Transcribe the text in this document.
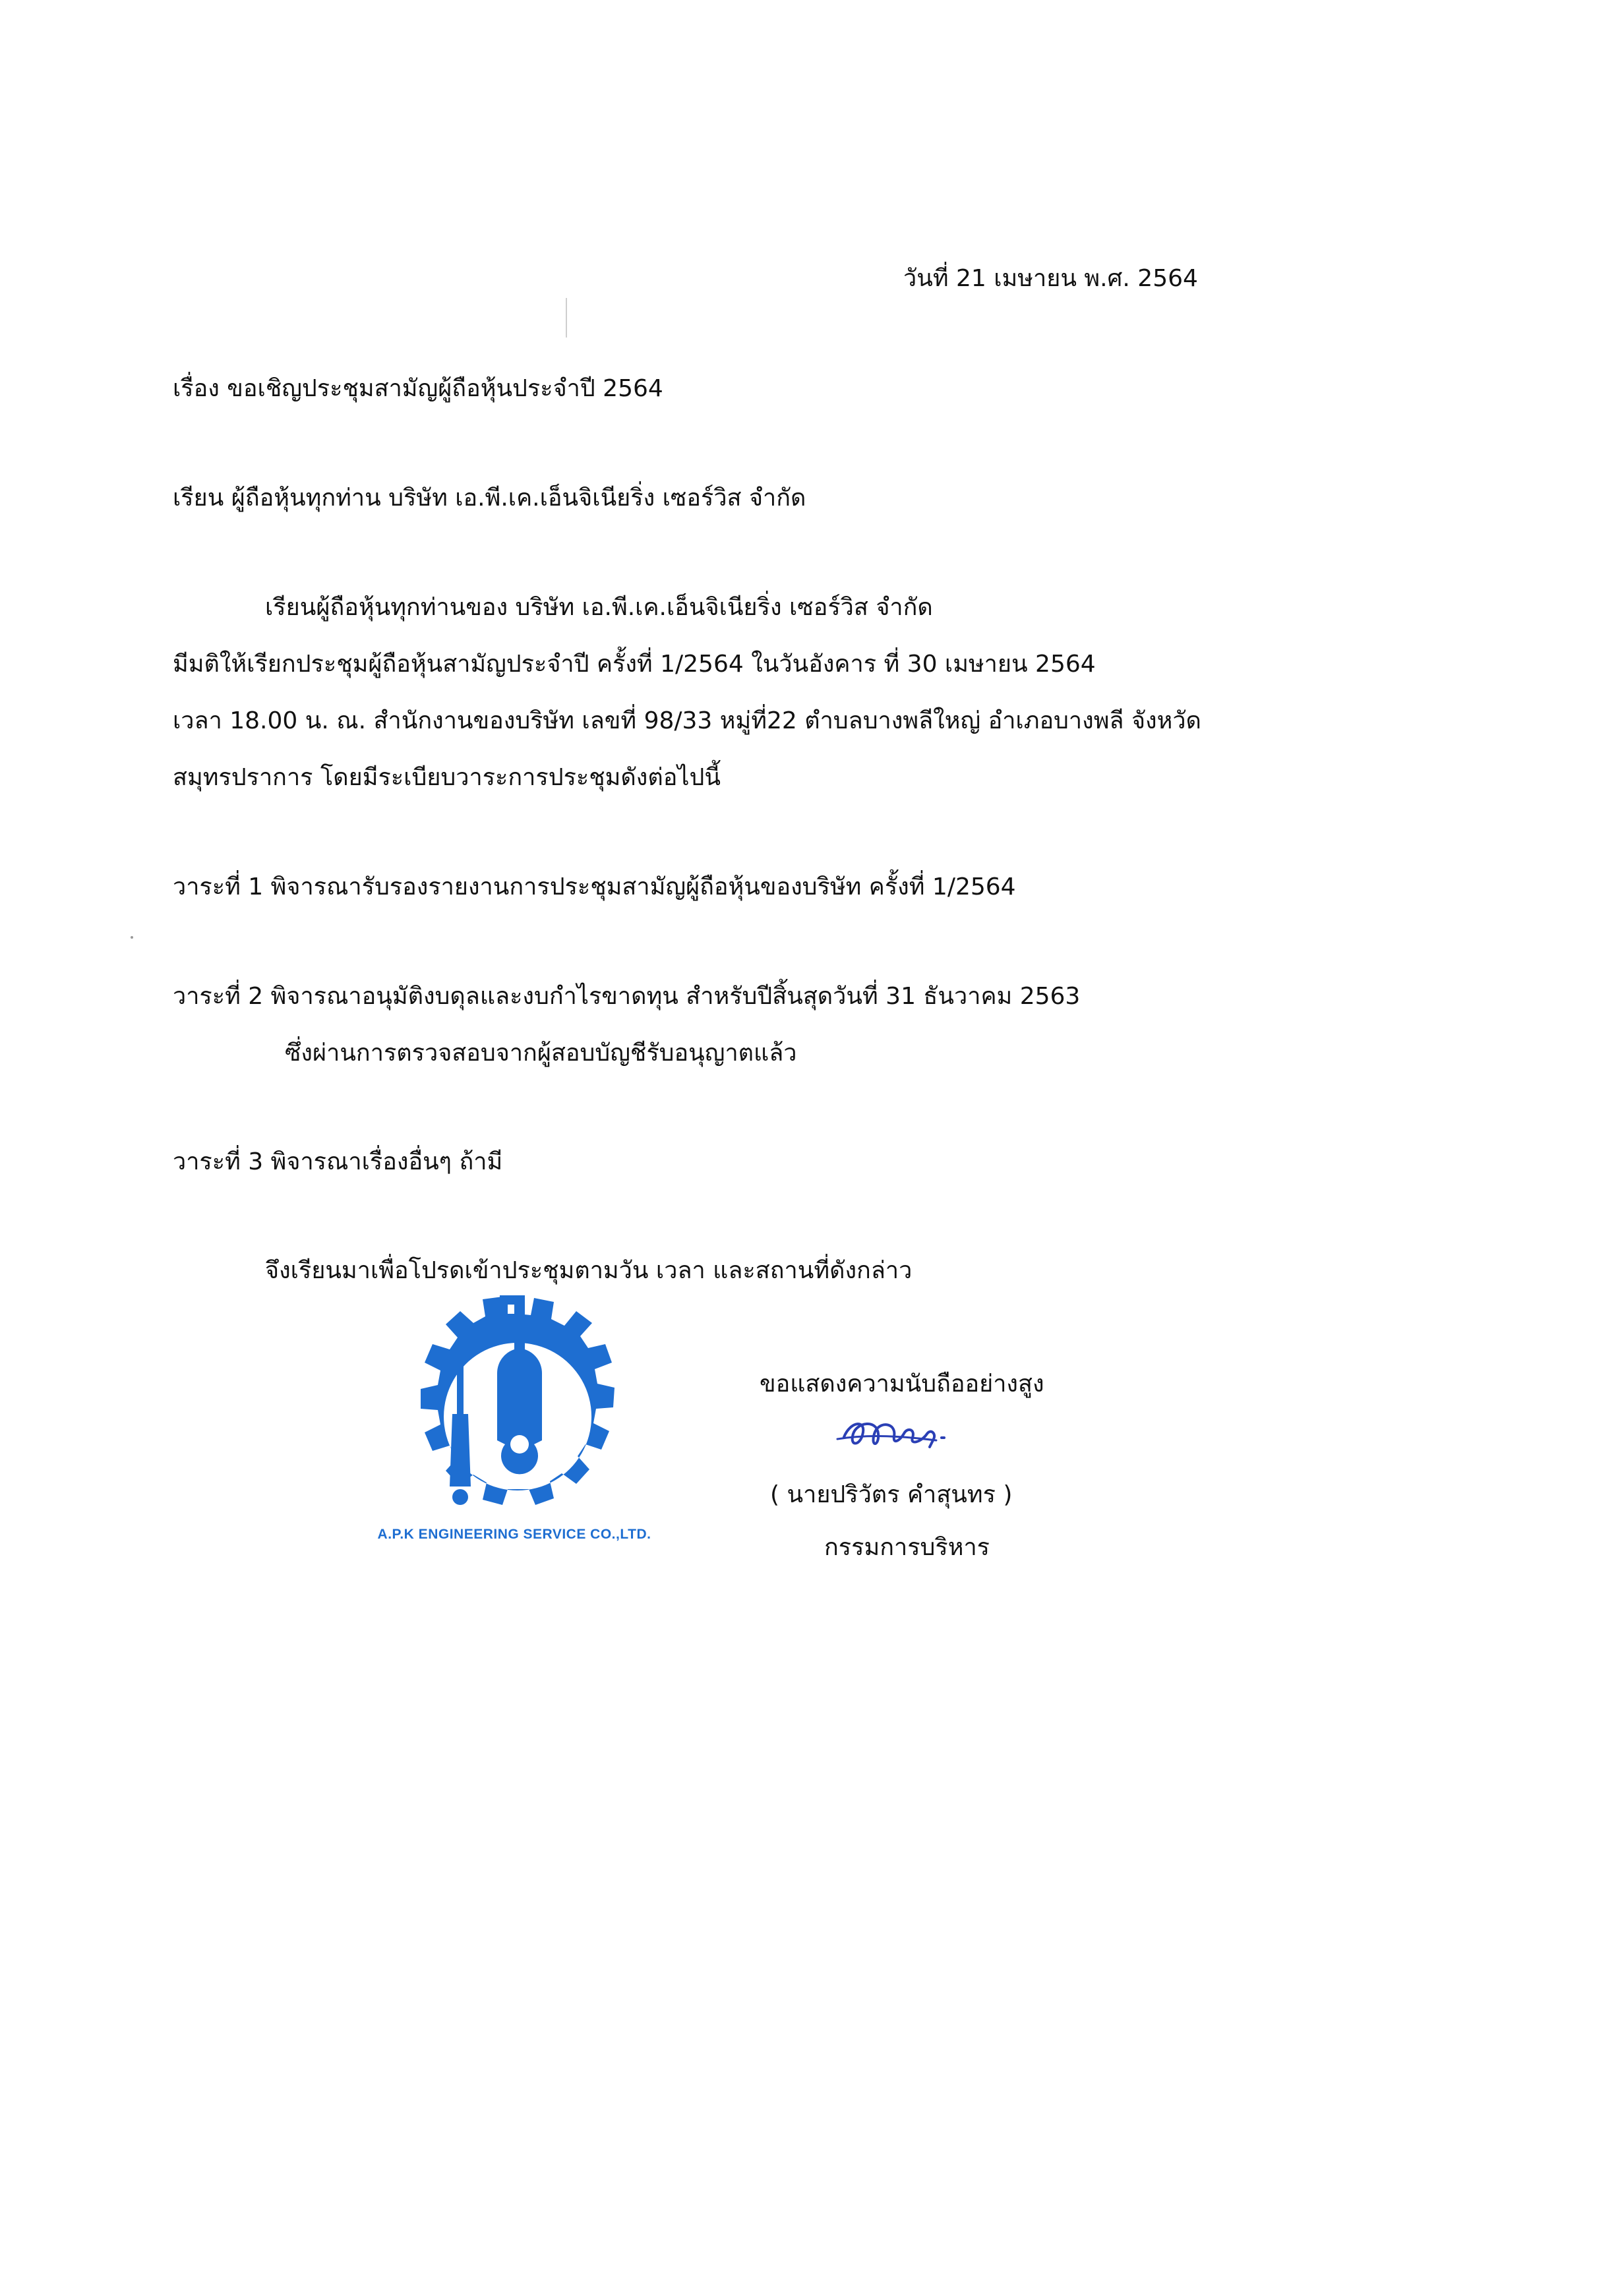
วันที่ 21 เมษายน พ.ศ. 2564
เรื่อง ขอเชิญประชุมสามัญผู้ถือหุ้นประจำปี 2564
เรียน ผู้ถือหุ้นทุกท่าน บริษัท เอ.พี.เค.เอ็นจิเนียริ่ง เซอร์วิส จำกัด
เรียนผู้ถือหุ้นทุกท่านของ บริษัท เอ.พี.เค.เอ็นจิเนียริ่ง เซอร์วิส จำกัด
มีมติให้เรียกประชุมผู้ถือหุ้นสามัญประจำปี ครั้งที่ 1/2564 ในวันอังคาร ที่ 30 เมษายน 2564
เวลา 18.00 น. ณ. สำนักงานของบริษัท เลขที่ 98/33 หมู่ที่22 ตำบลบางพลีใหญ่ อำเภอบางพลี จังหวัด
สมุทรปราการ โดยมีระเบียบวาระการประชุมดังต่อไปนี้
วาระที่ 1 พิจารณารับรองรายงานการประชุมสามัญผู้ถือหุ้นของบริษัท ครั้งที่ 1/2564
วาระที่ 2 พิจารณาอนุมัติงบดุลและงบกำไรขาดทุน สำหรับปีสิ้นสุดวันที่ 31 ธันวาคม 2563
ซึ่งผ่านการตรวจสอบจากผู้สอบบัญชีรับอนุญาตแล้ว
วาระที่ 3 พิจารณาเรื่องอื่นๆ ถ้ามี
จึงเรียนมาเพื่อโปรดเข้าประชุมตามวัน เวลา และสถานที่ดังกล่าว
A.P.K ENGINEERING SERVICE CO.,LTD.
ขอแสดงความนับถืออย่างสูง
( นายปริวัตร คำสุนทร )
กรรมการบริหาร
